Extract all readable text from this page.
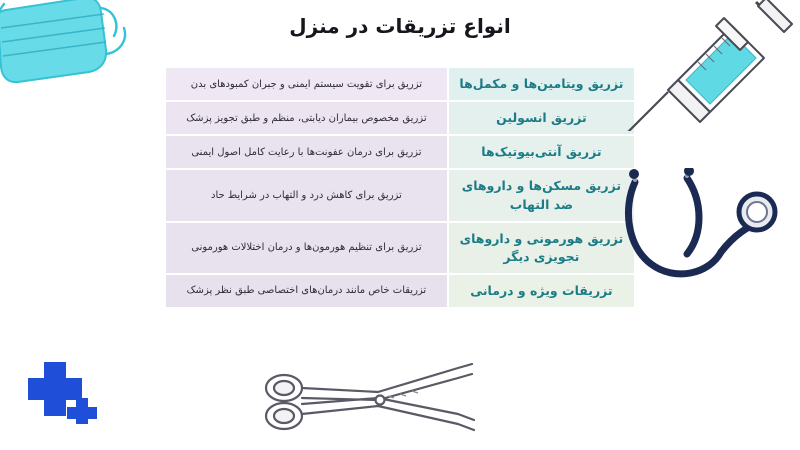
انواع تزریقات در منزل
تزریق ویتامین‌ها و مکمل‌ها
تزریق برای تقویت سیستم ایمنی و جبران کمبودهای بدن
تزریق انسولین
تزریق مخصوص بیماران دیابتی، منظم و طبق تجویز پزشک
تزریق آنتی‌بیوتیک‌ها
تزریق برای درمان عفونت‌ها با رعایت کامل اصول ایمنی
تزریق مسکن‌ها و داروهای ضد التهاب
تزریق برای کاهش درد و التهاب در شرایط حاد
تزریق هورمونی و داروهای تجویزی دیگر
تزریق برای تنظیم هورمون‌ها و درمان اختلالات هورمونی
تزریقات ویژه و درمانی
تزریقات خاص مانند درمان‌های اختصاصی طبق نظر پزشک
